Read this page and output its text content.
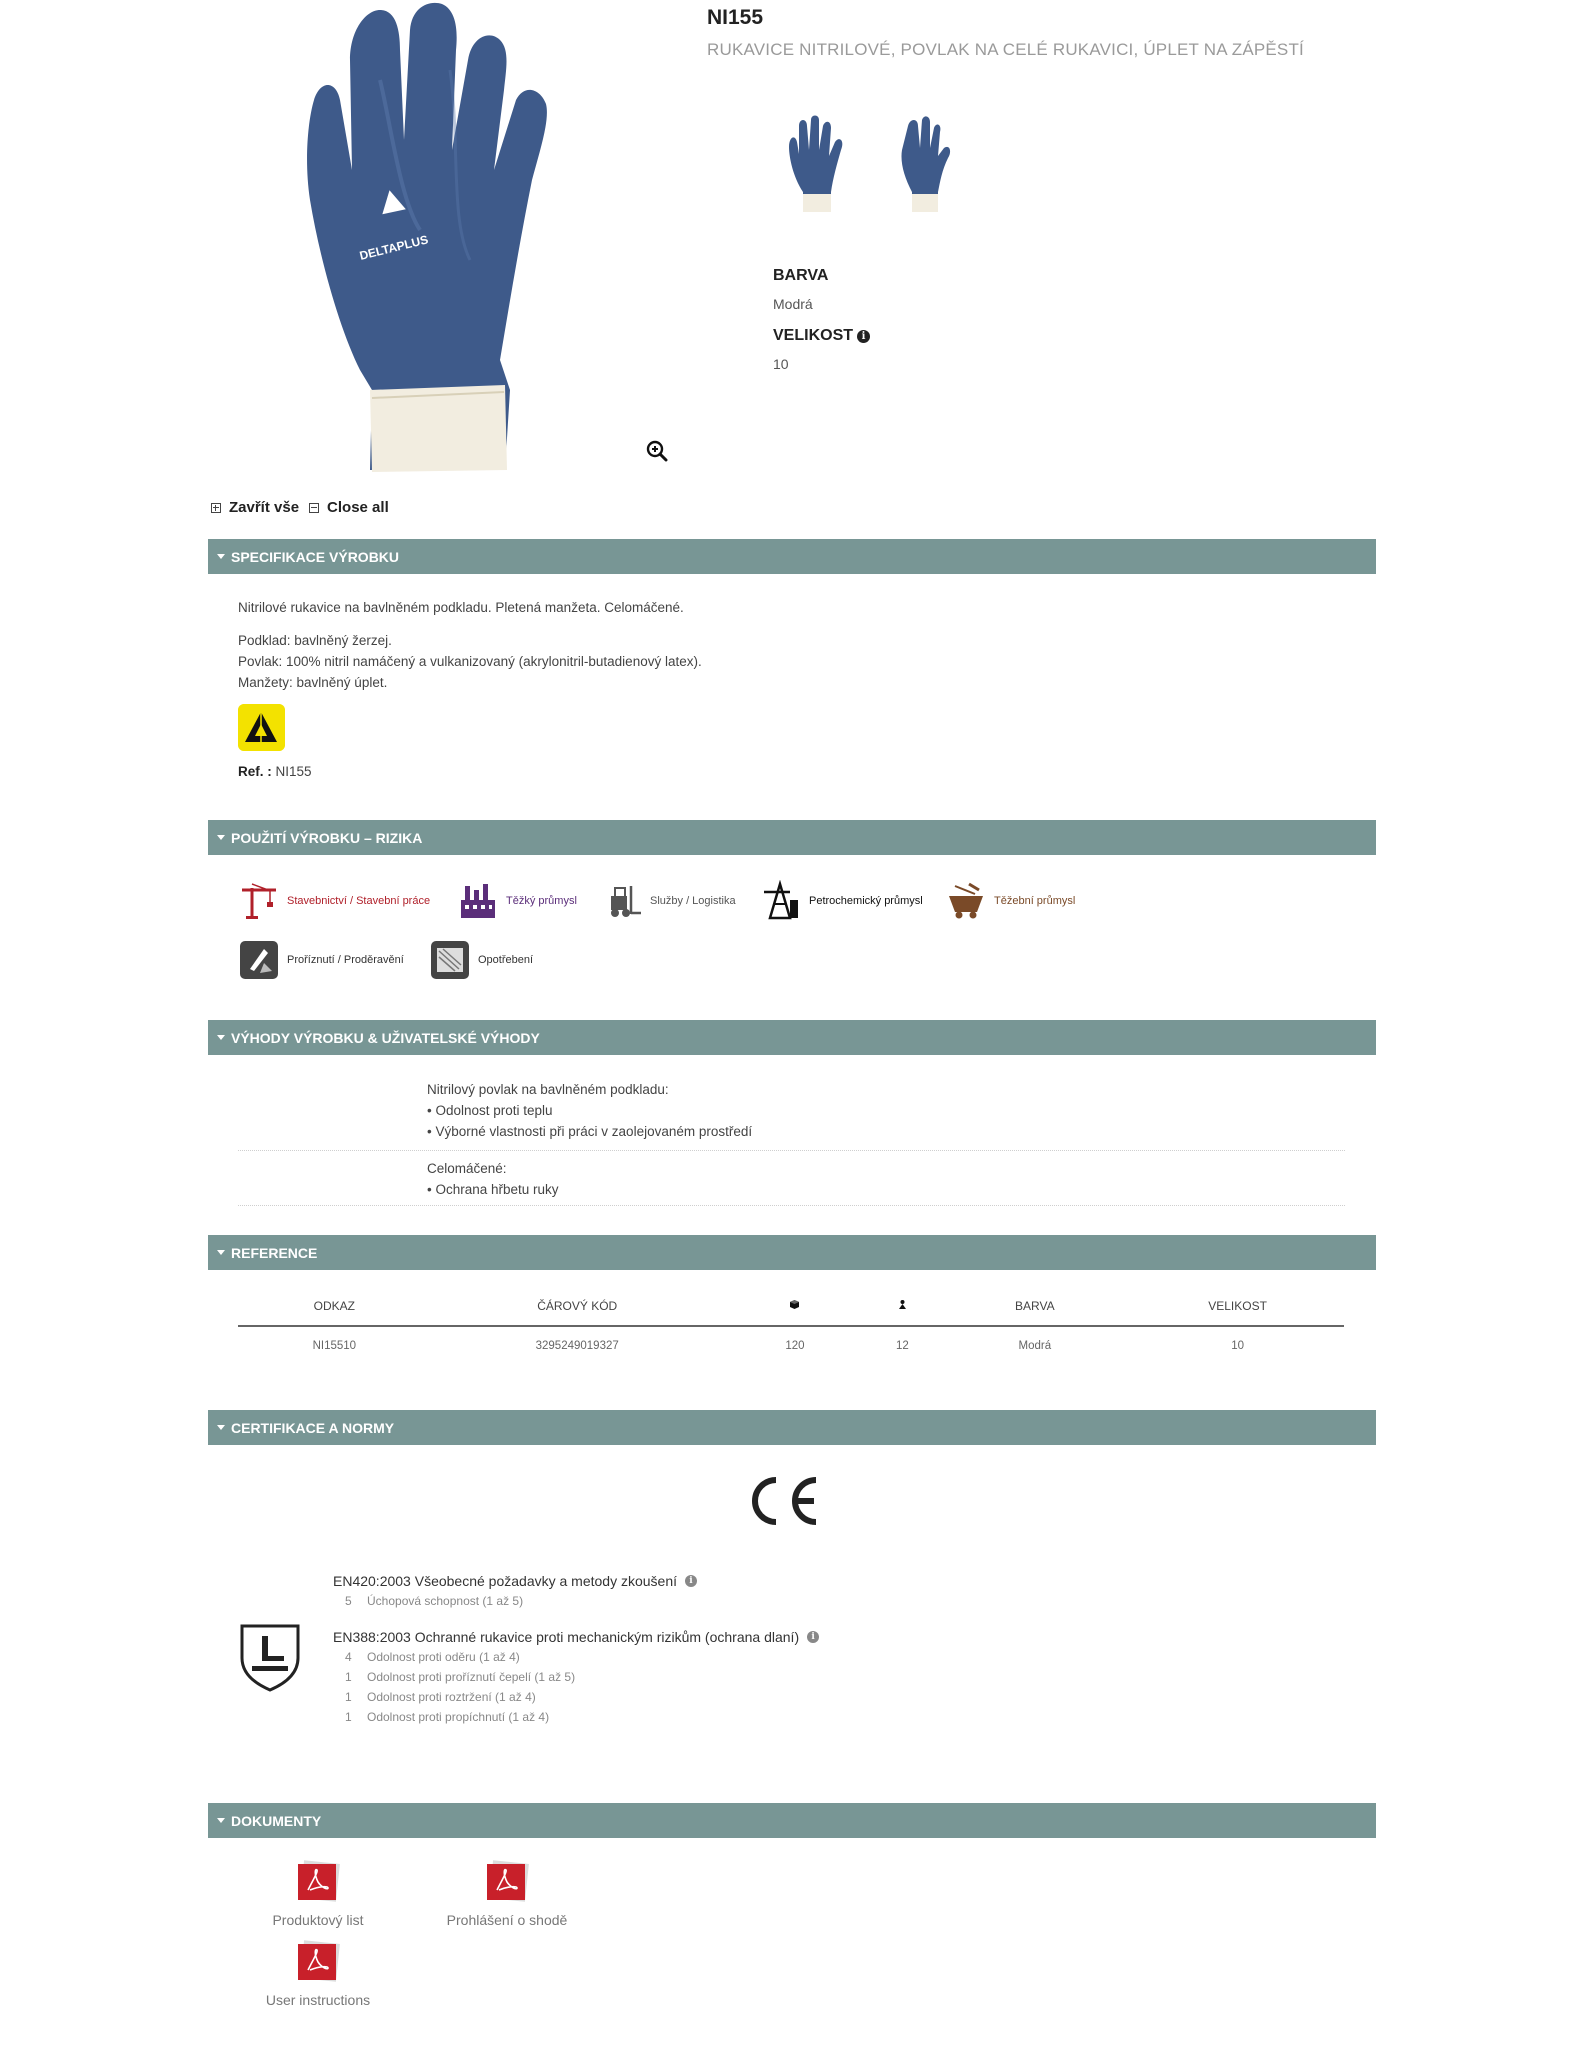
DELTAPLUS
NI155
RUKAVICE NITRILOVÉ, POVLAK NA CELÉ RUKAVICI, ÚPLET NA ZÁPĚSTÍ
BARVA
Modrá
VELIKOST i
10
Zavřít vše Close all
SPECIFIKACE VÝROBKU
Nitrilové rukavice na bavlněném podkladu. Pletená manžeta. Celomáčené.
Podklad: bavlněný žerzej.
Povlak: 100% nitril namáčený a vulkanizovaný (akrylonitril-butadienový latex).
Manžety: bavlněný úplet.
Ref. : NI155
POUŽITÍ VÝROBKU – RIZIKA
Stavebnictví / Stavební práce	Těžký průmysl	Služby / Logistika	Petrochemický průmysl	Těžební průmysl
Proříznutí / Proděravění	Opotřebení
VÝHODY VÝROBKU & UŽIVATELSKÉ VÝHODY
Nitrilový povlak na bavlněném podkladu:
• Odolnost proti teplu
• Výborné vlastnosti při práci v zaolejovaném prostředí
Celomáčené:
• Ochrana hřbetu ruky
REFERENCE
ODKAZ	ČÁROVÝ KÓD			BARVA	VELIKOST
NI15510	3295249019327	120	12	Modrá	10
CERTIFIKACE A NORMY
EN420:2003 Všeobecné požadavky a metody zkoušení	i
5	Úchopová schopnost (1 až 5)
EN388:2003 Ochranné rukavice proti mechanickým rizikům (ochrana dlaní)	i
4	Odolnost proti oděru (1 až 4)
1	Odolnost proti proříznutí čepelí (1 až 5)
1	Odolnost proti roztržení (1 až 4)
1	Odolnost proti propíchnutí (1 až 4)
DOKUMENTY
Produktový list	Prohlášení o shodě
User instructions
